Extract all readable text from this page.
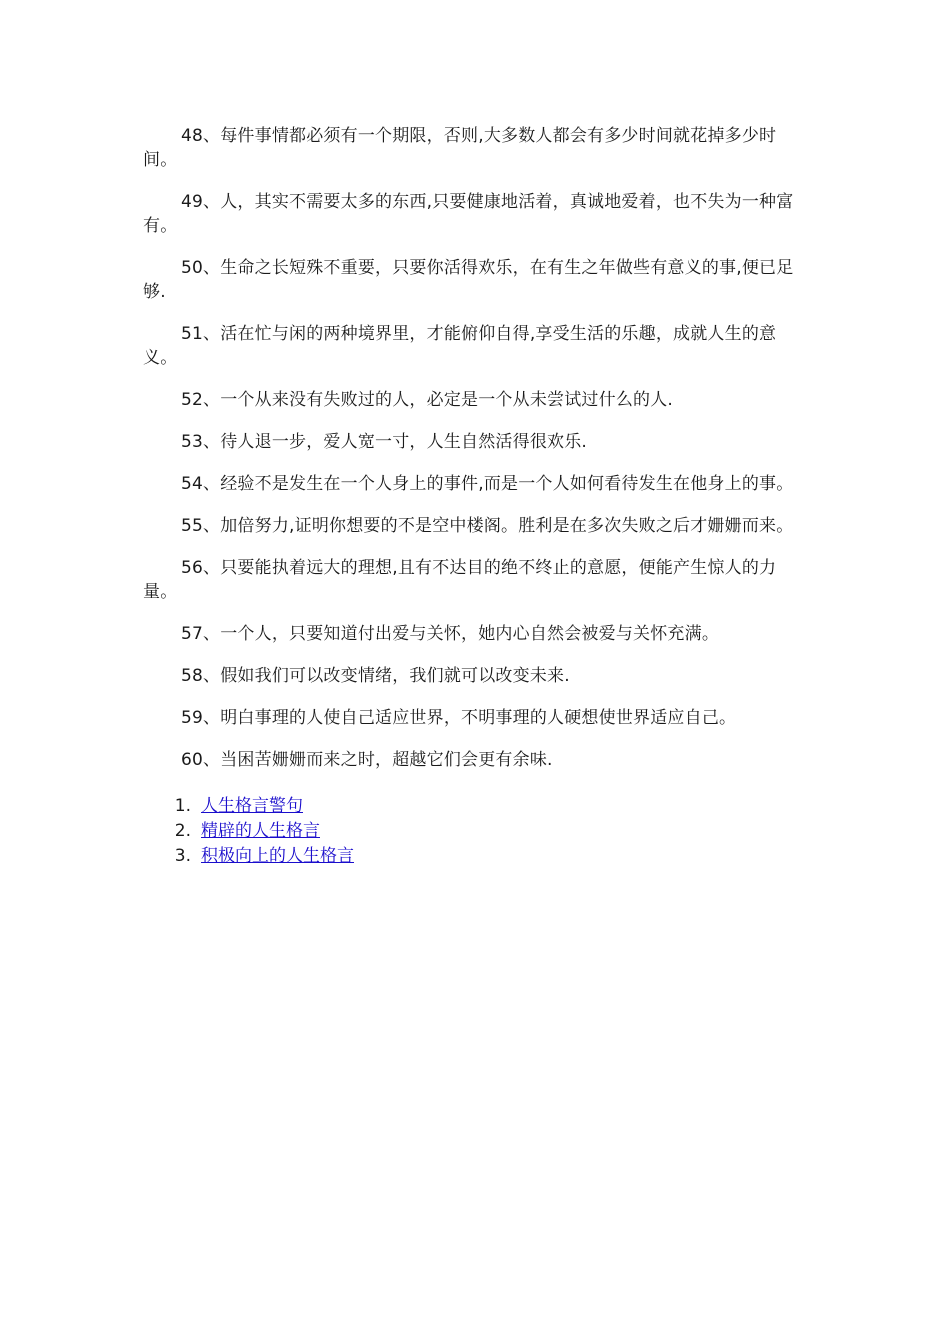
48、每件事情都必须有一个期限，否则,大多数人都会有多少时间就花掉多少时间。

49、人，其实不需要太多的东西,只要健康地活着，真诚地爱着，也不失为一种富有。

50、生命之长短殊不重要，只要你活得欢乐，在有生之年做些有意义的事,便已足够.

51、活在忙与闲的两种境界里，才能俯仰自得,享受生活的乐趣，成就人生的意义。

52、一个从来没有失败过的人，必定是一个从未尝试过什么的人.

53、待人退一步，爱人宽一寸，人生自然活得很欢乐.

54、经验不是发生在一个人身上的事件,而是一个人如何看待发生在他身上的事。

55、加倍努力,证明你想要的不是空中楼阁。胜利是在多次失败之后才姗姗而来。

56、只要能执着远大的理想,且有不达目的绝不终止的意愿，便能产生惊人的力量。

57、一个人，只要知道付出爱与关怀，她内心自然会被爱与关怀充满。

58、假如我们可以改变情绪，我们就可以改变未来.

59、明白事理的人使自己适应世界，不明事理的人硬想使世界适应自己。

60、当困苦姗姗而来之时，超越它们会更有余味.

1. 人生格言警句
2. 精辟的人生格言
3. 积极向上的人生格言
